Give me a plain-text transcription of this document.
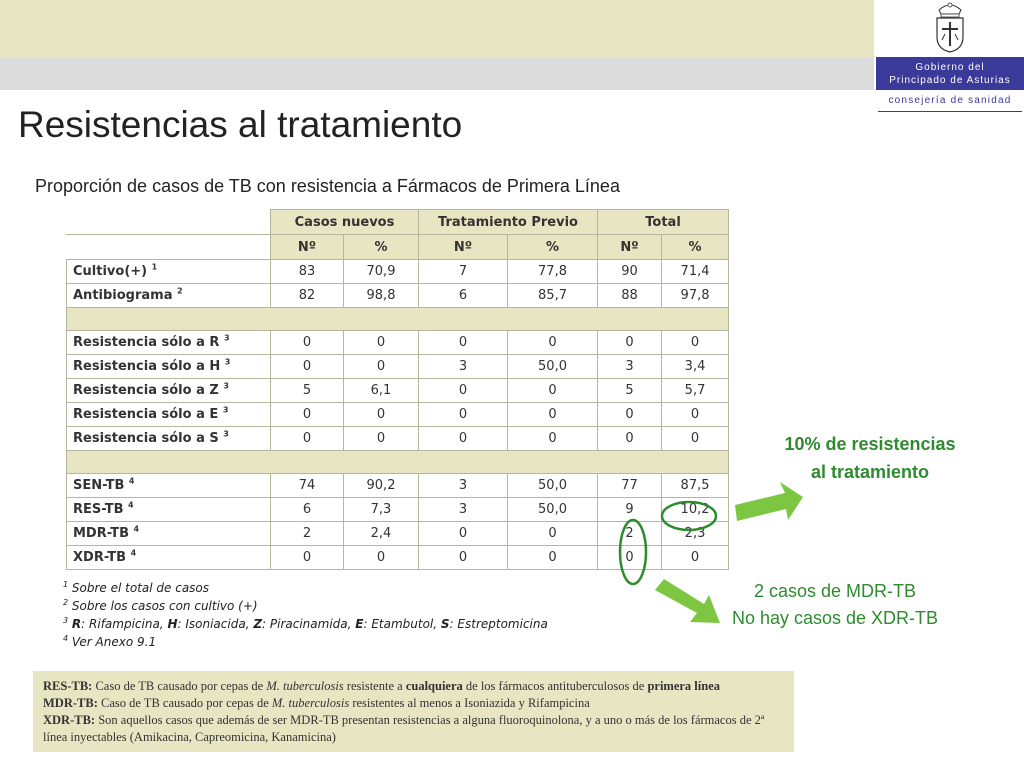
Gobierno del
Principado de Asturias
consejería de sanidad
Resistencias al tratamiento
Proporción de casos de TB con resistencia a Fármacos de Primera Línea
	Casos nuevos		Tratamiento Previo		Total	
	Nº	%	Nº	%	Nº	%
Cultivo(+) $^1$	83	70,9	7	77,8	90	71,4
Antibiograma $^2$	82	98,8	6	85,7	88	97,8

Resistencia sólo a R $^3$	0	0	0	0	0	0
Resistencia sólo a H $^3$	0	0	3	50,0	3	3,4
Resistencia sólo a Z $^3$	5	6,1	0	0	5	5,7
Resistencia sólo a E $^3$	0	0	0	0	0	0
Resistencia sólo a S $^3$	0	0	0	0	0	0

SEN-TB $^4$	74	90,2	3	50,0	77	87,5
RES-TB $^4$	6	7,3	3	50,0	9	10,2
MDR-TB $^4$	2	2,4	0	0	2	2,3
XDR-TB $^4$	0	0	0	0	0	0
$^1$ Sobre el total de casos
$^2$ Sobre los casos con cultivo (+)
$^3$ R: Rifampicina, H: Isoniacida, Z: Piracinamida, E: Etambutol, S: Estreptomicina
$^4$ Ver Anexo 9.1
10% de resistencias
al tratamiento
2 casos de MDR-TB
No hay casos de XDR-TB
RES-TB: Caso de TB causado por cepas de M. tuberculosis resistente a cualquiera de los fármacos antituberculosos de primera línea
MDR-TB: Caso de TB causado por cepas de M. tuberculosis resistentes al menos a Isoniazida y Rifampicina
XDR-TB: Son aquellos casos que además de ser MDR-TB presentan resistencias a alguna fluoroquinolona, y a uno o más de los fármacos de 2ª línea inyectables (Amikacina, Capreomicina, Kanamicina)
